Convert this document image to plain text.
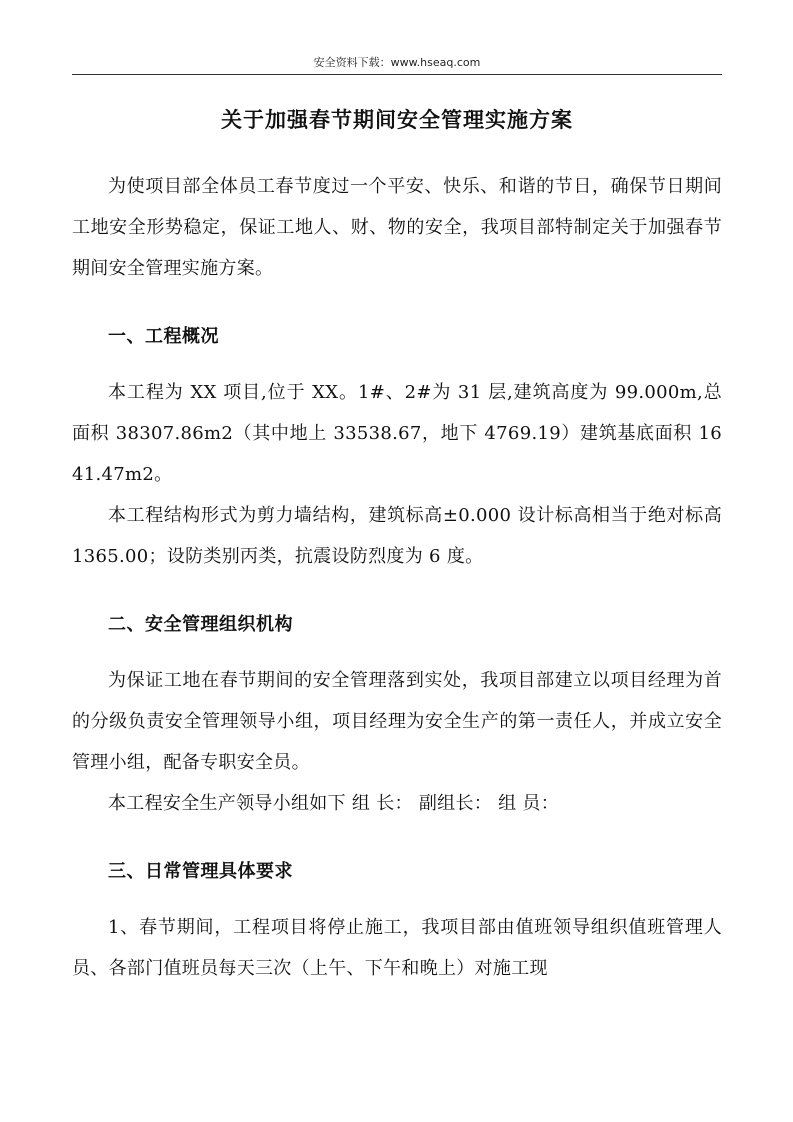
安全资料下载：www.hseaq.com
关于加强春节期间安全管理实施方案

为使项目部全体员工春节度过一个平安、快乐、和谐的节日，确保节日期间工地安全形势稳定，保证工地人、财、物的安全，我项目部特制定关于加强春节期间安全管理实施方案。

一、工程概况

本工程为 XX 项目,位于 XX。1#、2#为 31 层,建筑高度为 99.000m,总面积 38307.86m2（其中地上 33538.67，地下 4769.19）建筑基底面积 1641.47m2。

本工程结构形式为剪力墙结构，建筑标高±0.000 设计标高相当于绝对标高 1365.00；设防类别丙类，抗震设防烈度为 6 度。

二、安全管理组织机构

为保证工地在春节期间的安全管理落到实处，我项目部建立以项目经理为首的分级负责安全管理领导小组，项目经理为安全生产的第一责任人，并成立安全管理小组，配备专职安全员。

本工程安全生产领导小组如下 组 长： 副组长： 组 员：

三、日常管理具体要求

1、春节期间，工程项目将停止施工，我项目部由值班领导组织值班管理人员、各部门值班员每天三次（上午、下午和晚上）对施工现
